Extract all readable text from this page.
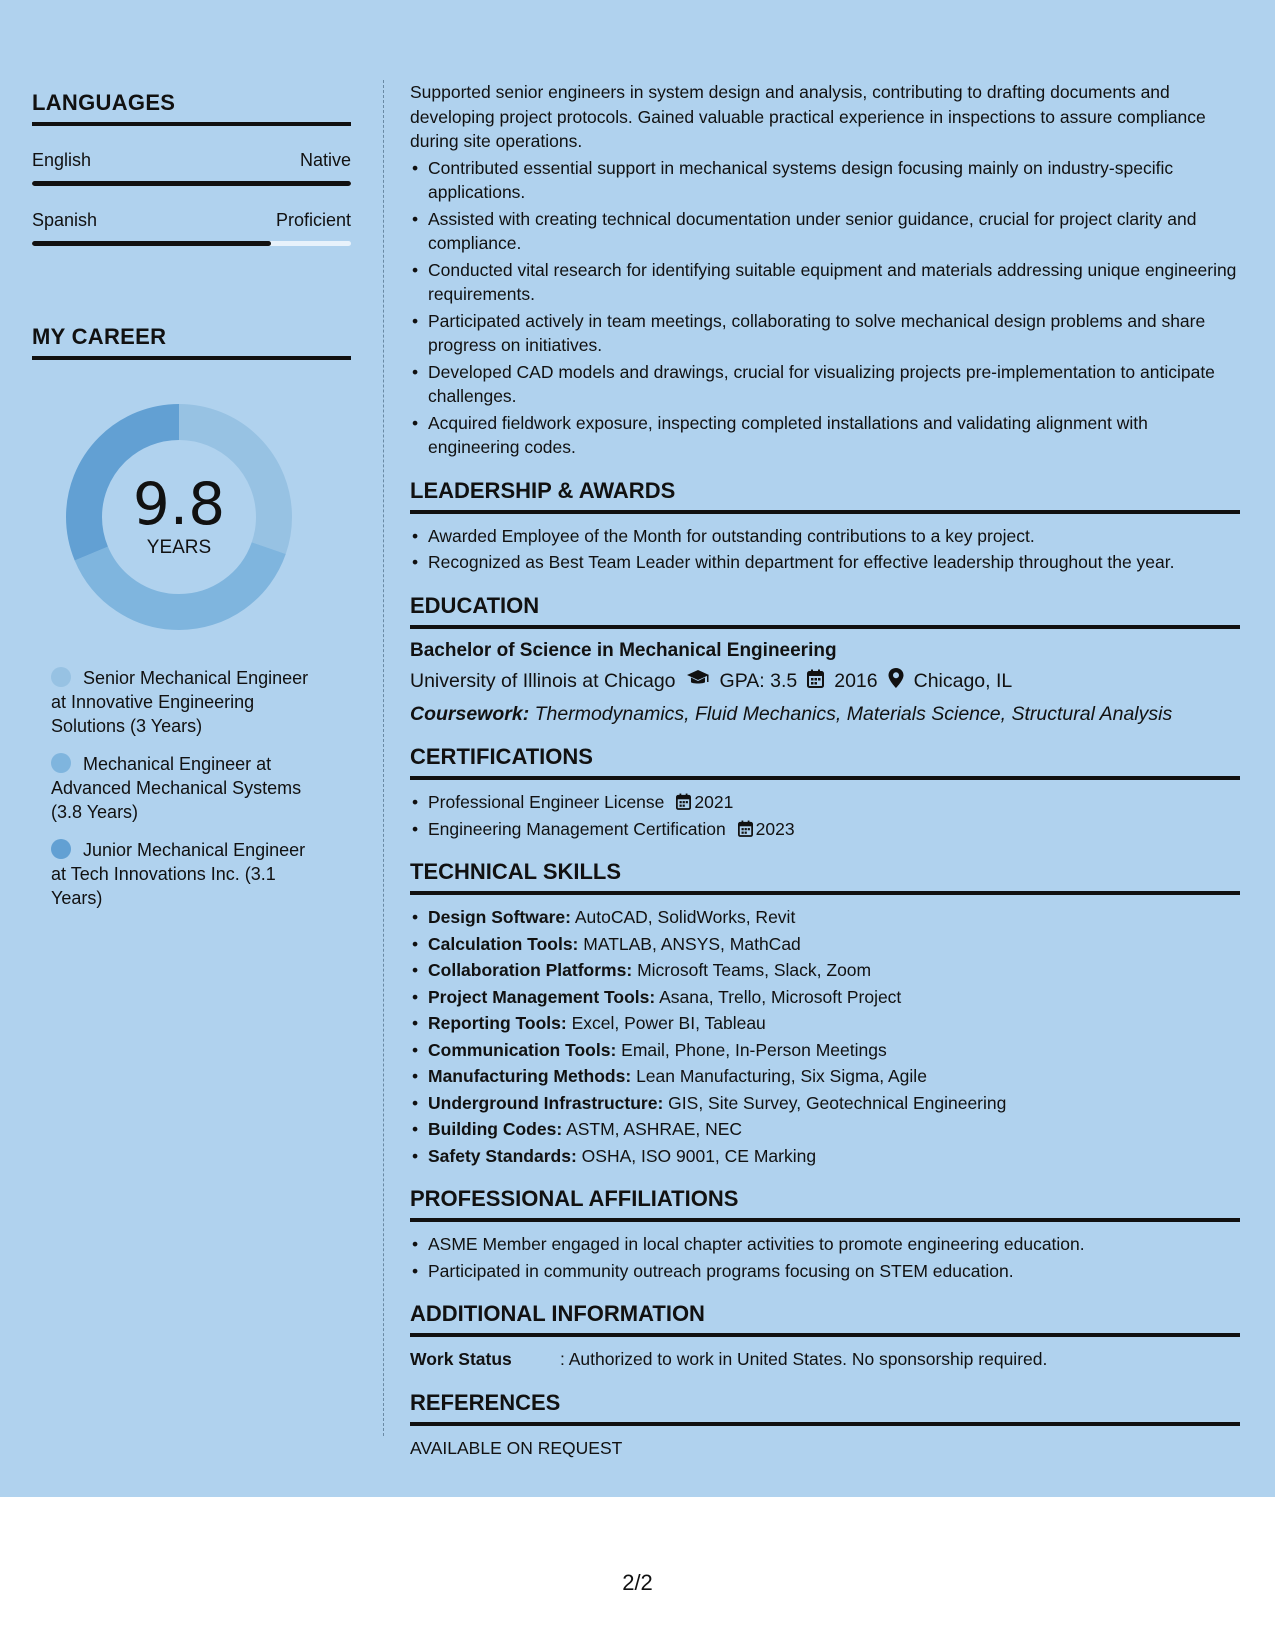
LANGUAGES
English	Native
Spanish	Proficient
MY CAREER
9.8
YEARS
Senior Mechanical Engineer at Innovative Engineering Solutions (3 Years)
Mechanical Engineer at Advanced Mechanical Systems (3.8 Years)
Junior Mechanical Engineer at Tech Innovations Inc. (3.1 Years)

Supported senior engineers in system design and analysis, contributing to drafting documents and developing project protocols. Gained valuable practical experience in inspections to assure compliance during site operations.

• Contributed essential support in mechanical systems design focusing mainly on industry-specific applications.
• Assisted with creating technical documentation under senior guidance, crucial for project clarity and compliance.
• Conducted vital research for identifying suitable equipment and materials addressing unique engineering requirements.
• Participated actively in team meetings, collaborating to solve mechanical design problems and share progress on initiatives.
• Developed CAD models and drawings, crucial for visualizing projects pre-implementation to anticipate challenges.
• Acquired fieldwork exposure, inspecting completed installations and validating alignment with engineering codes.
LEADERSHIP & AWARDS
• Awarded Employee of the Month for outstanding contributions to a key project.
• Recognized as Best Team Leader within department for effective leadership throughout the year.
EDUCATION
Bachelor of Science in Mechanical Engineering
University of Illinois at Chicago GPA: 3.5 2016 Chicago, IL
Coursework: Thermodynamics, Fluid Mechanics, Materials Science, Structural Analysis
CERTIFICATIONS
• Professional Engineer License 2021
• Engineering Management Certification 2023
TECHNICAL SKILLS
• Design Software: AutoCAD, SolidWorks, Revit
• Calculation Tools: MATLAB, ANSYS, MathCad
• Collaboration Platforms: Microsoft Teams, Slack, Zoom
• Project Management Tools: Asana, Trello, Microsoft Project
• Reporting Tools: Excel, Power BI, Tableau
• Communication Tools: Email, Phone, In-Person Meetings
• Manufacturing Methods: Lean Manufacturing, Six Sigma, Agile
• Underground Infrastructure: GIS, Site Survey, Geotechnical Engineering
• Building Codes: ASTM, ASHRAE, NEC
• Safety Standards: OSHA, ISO 9001, CE Marking
PROFESSIONAL AFFILIATIONS
• ASME Member engaged in local chapter activities to promote engineering education.
• Participated in community outreach programs focusing on STEM education.
ADDITIONAL INFORMATION
Work Status	: Authorized to work in United States. No sponsorship required.
REFERENCES
AVAILABLE ON REQUEST
2/2
